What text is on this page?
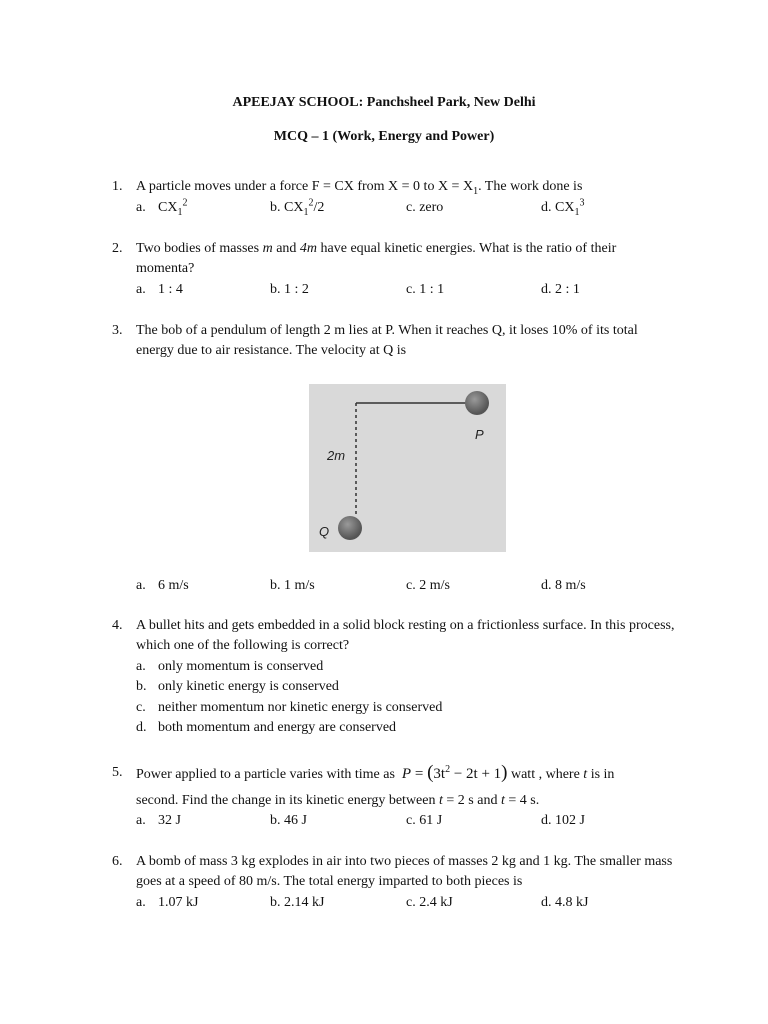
APEEJAY SCHOOL: Panchsheel Park, New Delhi
MCQ – 1 (Work, Energy and Power)
1. A particle moves under a force F = CX from X = 0 to $X = X_1$. The work done is
a. $CX_1^2$	b. $CX_1^2/2$	c. zero	d. $CX_1^3$
2. Two bodies of masses m and 4m have equal kinetic energies. What is the ratio of their momenta?
a. 1 : 4	b. 1 : 2	c. 1 : 1	d. 2 : 1
3. The bob of a pendulum of length 2 m lies at P. When it reaches Q, it loses 10% of its total energy due to air resistance. The velocity at Q is
P
2m
Q
a. 6 m/s	b. 1 m/s	c. 2 m/s	d. 8 m/s
4. A bullet hits and gets embedded in a solid block resting on a frictionless surface. In this process, which one of the following is correct?
a. only momentum is conserved
b. only kinetic energy is conserved
c. neither momentum nor kinetic energy is conserved
d. both momentum and energy are conserved
5. Power applied to a particle varies with time as $P = (3t^2 - 2t + 1)$ watt , where t is in
second. Find the change in its kinetic energy between t = 2 s and t = 4 s.
a. 32 J	b. 46 J	c. 61 J	d. 102 J
6. A bomb of mass 3 kg explodes in air into two pieces of masses 2 kg and 1 kg. The smaller mass goes at a speed of 80 m/s. The total energy imparted to both pieces is
a. 1.07 kJ	b. 2.14 kJ	c. 2.4 kJ	d. 4.8 kJ
